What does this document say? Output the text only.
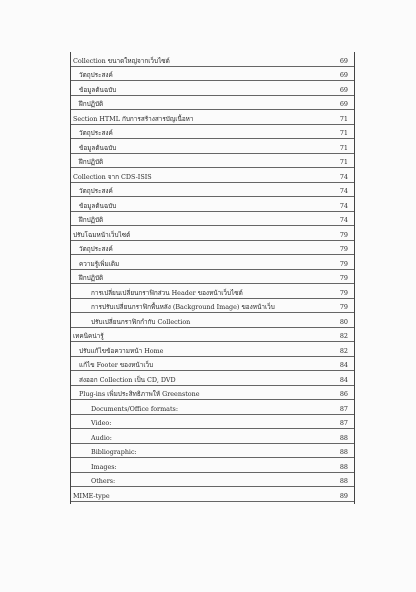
Collection ขนาดใหญ่จากเว็บไซต์	69
วัตถุประสงค์	69
ข้อมูลต้นฉบับ	69
ฝึกปฏิบัติ	69
Section HTML กับการสร้างสารบัญเนื้อหา	71
วัตถุประสงค์	71
ข้อมูลต้นฉบับ	71
ฝึกปฏิบัติ	71
Collection จาก CDS-ISIS	74
วัตถุประสงค์	74
ข้อมูลต้นฉบับ	74
ฝึกปฏิบัติ	74
ปรับโฉมหน้าเว็บไซต์	79
วัตถุประสงค์	79
ความรู้เพิ่มเติม	79
ฝึกปฏิบัติ	79
การเปลี่ยนเปลี่ยนกราฟิกส่วน Header ของหน้าเว็บไซต์	79
การปรับเปลี่ยนกราฟิกพื้นหลัง (Background Image) ของหน้าเว็บ	79
ปรับเปลี่ยนกราฟิกกำกับ Collection	80
เทคนิคน่ารู้	82
ปรับแก้ไขข้อความหน้า Home	82
แก้ไข Footer ของหน้าเว็บ	84
ส่งออก Collection เป็น CD, DVD	84
Plug-ins เพิ่มประสิทธิภาพให้ Greenstone	86
Documents/Office formats:	87
Video:	87
Audio:	88
Bibliographic:	88
Images:	88
Others:	88
MIME-type	89
